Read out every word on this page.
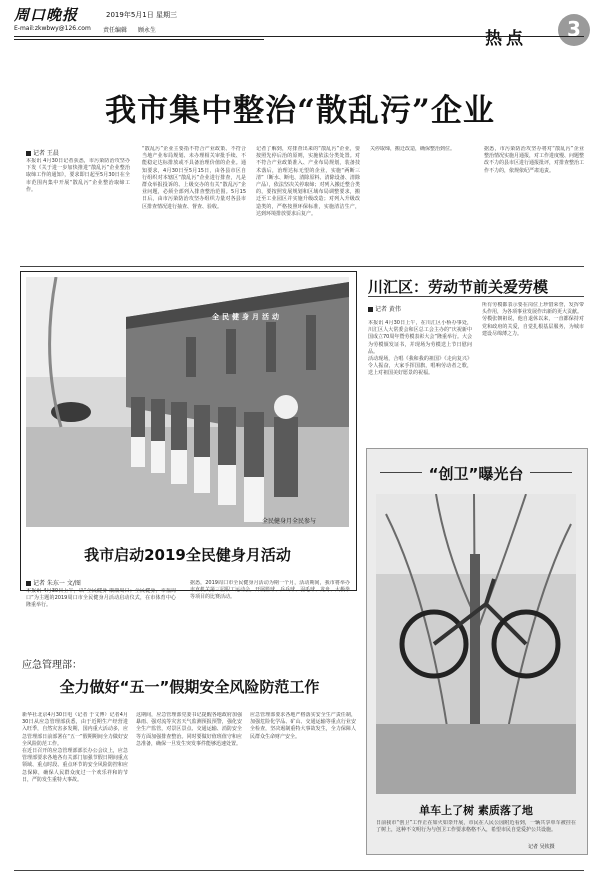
周口晚报	2019年5月1日 星期三
责任编辑 顾永生
E-mail:zkwbwy@126.com
热点	3
我市集中整治“散乱污”企业
记者 王晨
本报讯 4月30日记者获悉，市污染防治攻坚办下发《关于进一步加快推进“散乱污”企业整治取缔工作的通知》，要求即日起至5月30日在全市范围内集中开展“散乱污”企业整治取缔工作。
“散乱污”企业主要指不符合产业政策、不符合当地产业布局规划、未办理相关审批手续、不能稳定达标排放或不具备治理价值的企业。通知要求，4月30日至5月15日，由各县市区自行组织对本辖区“散乱污”企业进行排查，凡是群众举报投诉的、上级交办的有关“散乱污”企业问题，必须全部列入排查整治范围。5月15日后，由市污染防治攻坚办组织力量对各县市区排查情况进行抽查、督查、验收。
记者了解到，对排查出来的“散乱污”企业，要按照先停后治的原则，实施依法分类处置。对不符合产业政策准入、产业布局规划，装备技术落后，治理达标无望的企业，实施“两断三清”（断水、断电、清除原料、清除设备、清除产品），依法坚决关停取缔；对列入搬迁整合类的，要按照发展规划和区域布局调整要求，搬迁至工业园区并实施升级改造；对列入升级改造类的，严格按照环保标准，实施清洁生产，达到环境排放要求后复产。
关停取缔，搬迁改造，确保整治到位。	据悉，市污染防治攻坚办将对“散乱污”企业整治情况实施月通报，对工作进度慢、问题整改不力的县市区进行通报批评，对排查整治工作不力的，依规依纪严肃追责。
全民健身月全民参与
全民健身月活动
我市启动2019全民健身月活动
记者 朱东一 文/图
本报讯 4月30日上午，以“全民健身 康康周口；全民健身，幸福周口”为主题的2019周口市全民健身月活动启动仪式，在市体育中心隆重举行。
据悉，2019周口市全民健身月活动为期一个月，活动期间，我市将举办市直机关第三届职工运动会，开展篮球、乒乓球、羽毛球、龙舟、太极拳等项目的比赛活动。
川汇区：劳动节前关爱劳模
记者 黄伟
本报讯 4月30日上午，在川汇区小桥办事处，川汇区人大常委会和区总工会主办的“庆祝新中国成立70周年暨劳模表彰大会”隆重举行。大会为劳模颁发证书，并现场为劳模送上节日慰问品。
活动现场，合唱《我和我的祖国》《走向复兴》令人振奋，大家手挥国旗，唱响劳动者之歌，送上对祖国美好愿景的祝福。
所有劳模都表示要在岗位上珍惜荣誉，发挥带头作用，为各项事业发展作出新的更大贡献。
劳模张朝祖说，他自退休以来，一直都保持对党和政府的关爱，自觉扎根基层服务，为城市建设尽绵薄之力。
“创卫”曝光台
单车上了树 素质落了地
日前我市“创卫”工作正在如火如荼开展，市民在人民公园附近看到，一辆共享单车被挂在了树上，这种不文明行为与创卫工作要求格格不入，希望市民自觉爱护公共设施。
记者 吴钦摄
应急管理部：
全力做好“五一”假期安全风险防范工作
新华社北京4月30日电（记者 于文博）记者4月30日从应急管理部获悉，由于近期生产经营进入旺季，自然灾害多发期，国内重大活动多，应急管理部日前部署在“五一”假期期间全力做好安全风险防范工作。
在近日召开的应急管理部部长办公会议上，应急管理部要求各地各有关部门加强节假日期间重点领域、重点时段、重点环节的安全风险防控和应急保障，确保人民群众度过一个欢乐祥和的节日，严防发生重特大事故。
这期间，应急管理部党委书记提醒各地政府加强暴雨、强对流等灾害天气监测预报预警，强化安全生产监管，对景区景点、交通运输、消防安全等方面加强排查整治。同时要做好值班值守和应急准备，确保一旦发生突发事件能够迅速处置。
应急管理部要求各地严格落实安全生产责任制，加强危险化学品、矿山、交通运输等重点行业安全检查，坚决遏制重特大事故发生，全力保障人民群众生命财产安全。
